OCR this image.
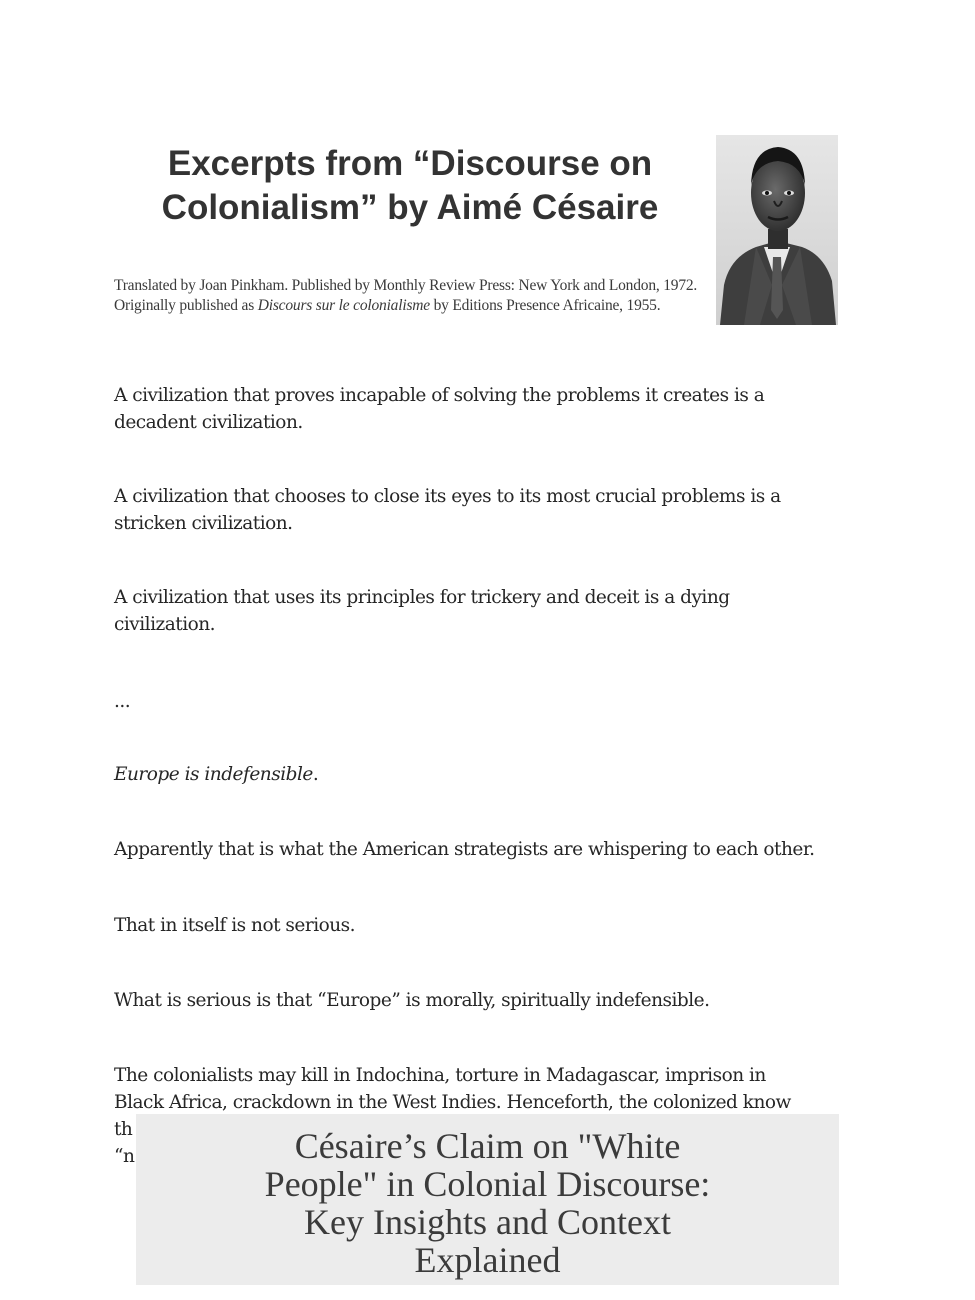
Excerpts from “Discourse on
Colonialism” by Aimé Césaire

Translated by Joan Pinkham. Published by Monthly Review Press: New York and London, 1972. Originally published as Discours sur le colonialisme by Editions Presence Africaine, 1955.

A civilization that proves incapable of solving the problems it creates is a
decadent civilization.

A civilization that chooses to close its eyes to its most crucial problems is a
stricken civilization.

A civilization that uses its principles for trickery and deceit is a dying
civilization.

...

Europe is indefensible.

Apparently that is what the American strategists are whispering to each other.

That in itself is not serious.

What is serious is that “Europe” is morally, spiritually indefensible.

The colonialists may kill in Indochina, torture in Madagascar, imprison in
Black Africa, crackdown in the West Indies. Henceforth, the colonized know
th
“n	Césaire’s Claim on "White
People" in Colonial Discourse:
Key Insights and Context
Explained
